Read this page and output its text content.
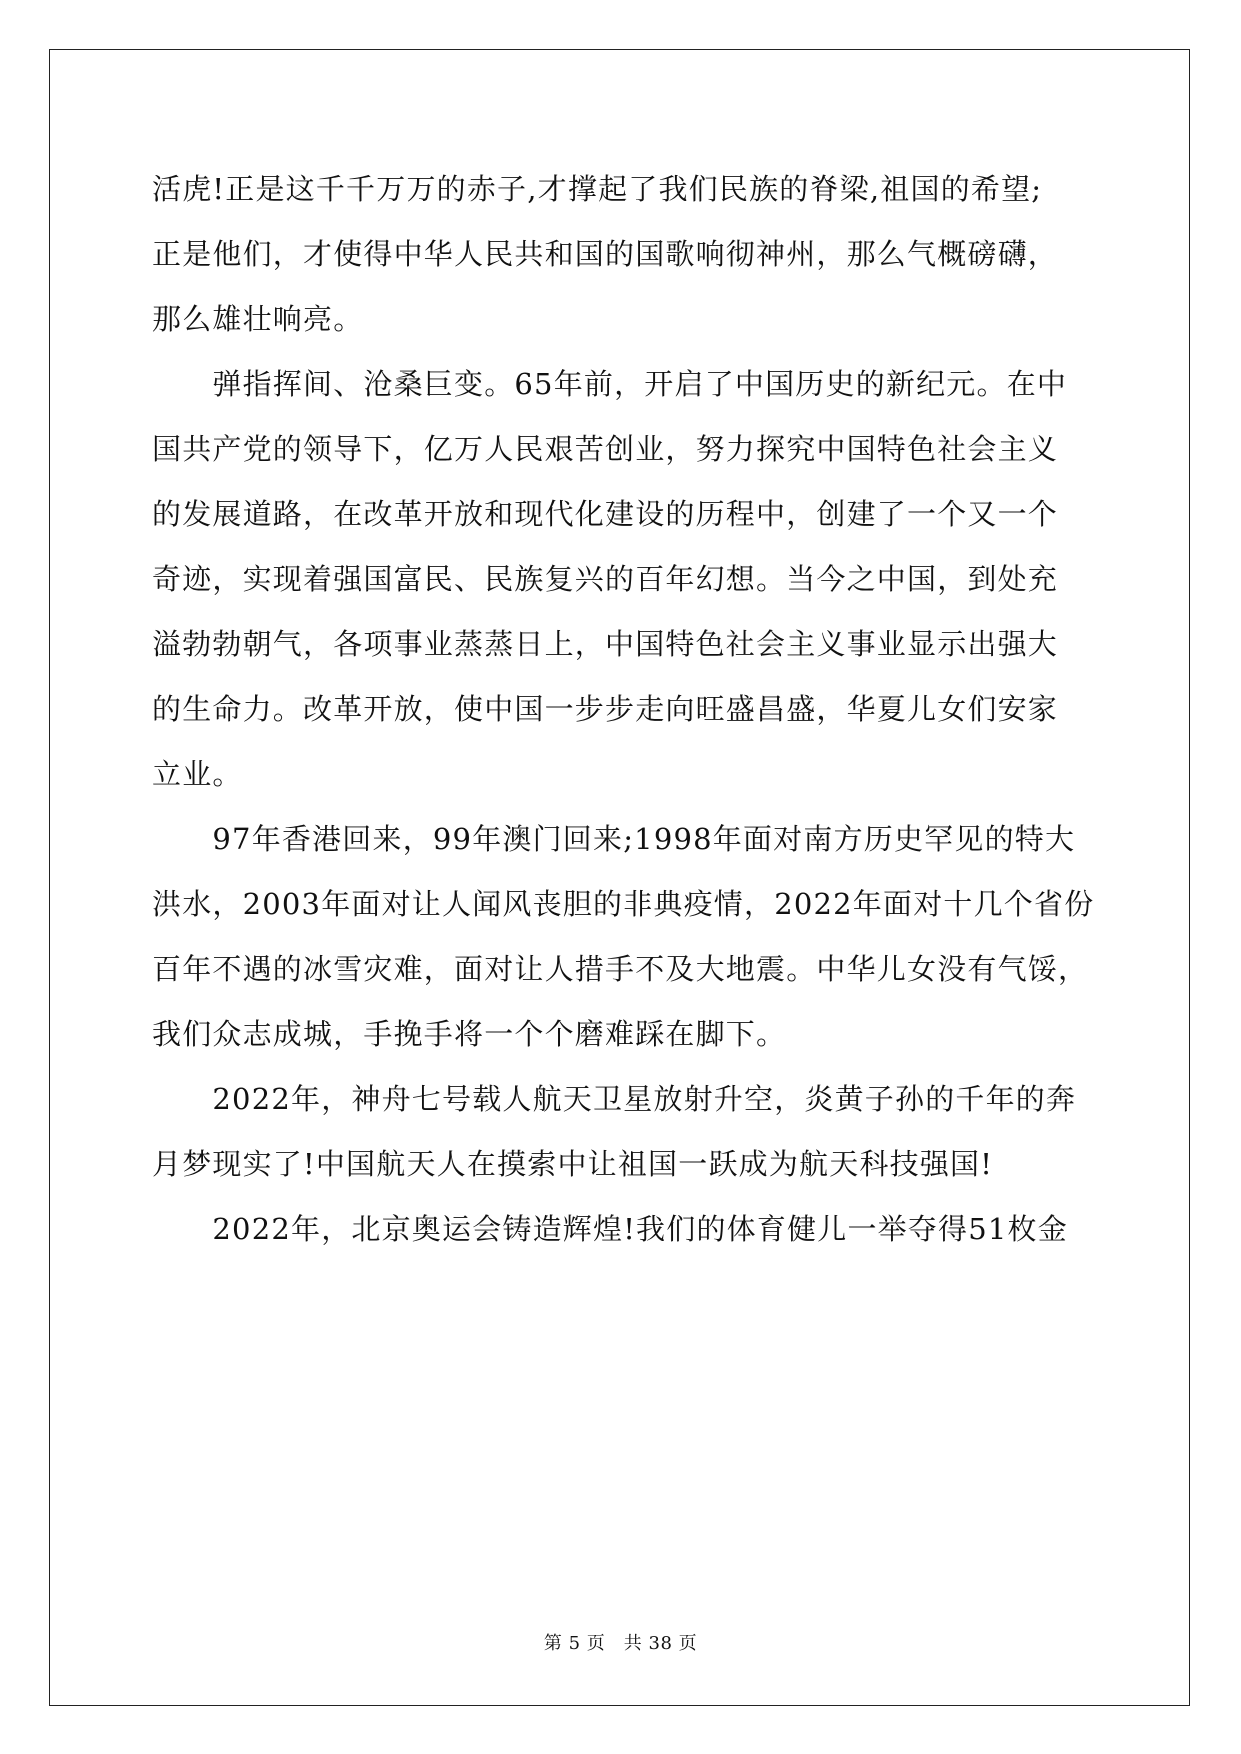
活虎!正是这千千万万的赤子,才撑起了我们民族的脊梁,祖国的希望;
正是他们，才使得中华人民共和国的国歌响彻神州，那么气概磅礴，
那么雄壮响亮。
　　弹指挥间、沧桑巨变。65年前，开启了中国历史的新纪元。在中
国共产党的领导下，亿万人民艰苦创业，努力探究中国特色社会主义
的发展道路，在改革开放和现代化建设的历程中，创建了一个又一个
奇迹，实现着强国富民、民族复兴的百年幻想。当今之中国，到处充
溢勃勃朝气，各项事业蒸蒸日上，中国特色社会主义事业显示出强大
的生命力。改革开放，使中国一步步走向旺盛昌盛，华夏儿女们安家
立业。
　　97年香港回来，99年澳门回来;1998年面对南方历史罕见的特大
洪水，2003年面对让人闻风丧胆的非典疫情，2022年面对十几个省份
百年不遇的冰雪灾难，面对让人措手不及大地震。中华儿女没有气馁，
我们众志成城，手挽手将一个个磨难踩在脚下。
　　2022年，神舟七号载人航天卫星放射升空，炎黄子孙的千年的奔
月梦现实了!中国航天人在摸索中让祖国一跃成为航天科技强国!
　　2022年，北京奥运会铸造辉煌!我们的体育健儿一举夺得51枚金
第 5 页　共 38 页
